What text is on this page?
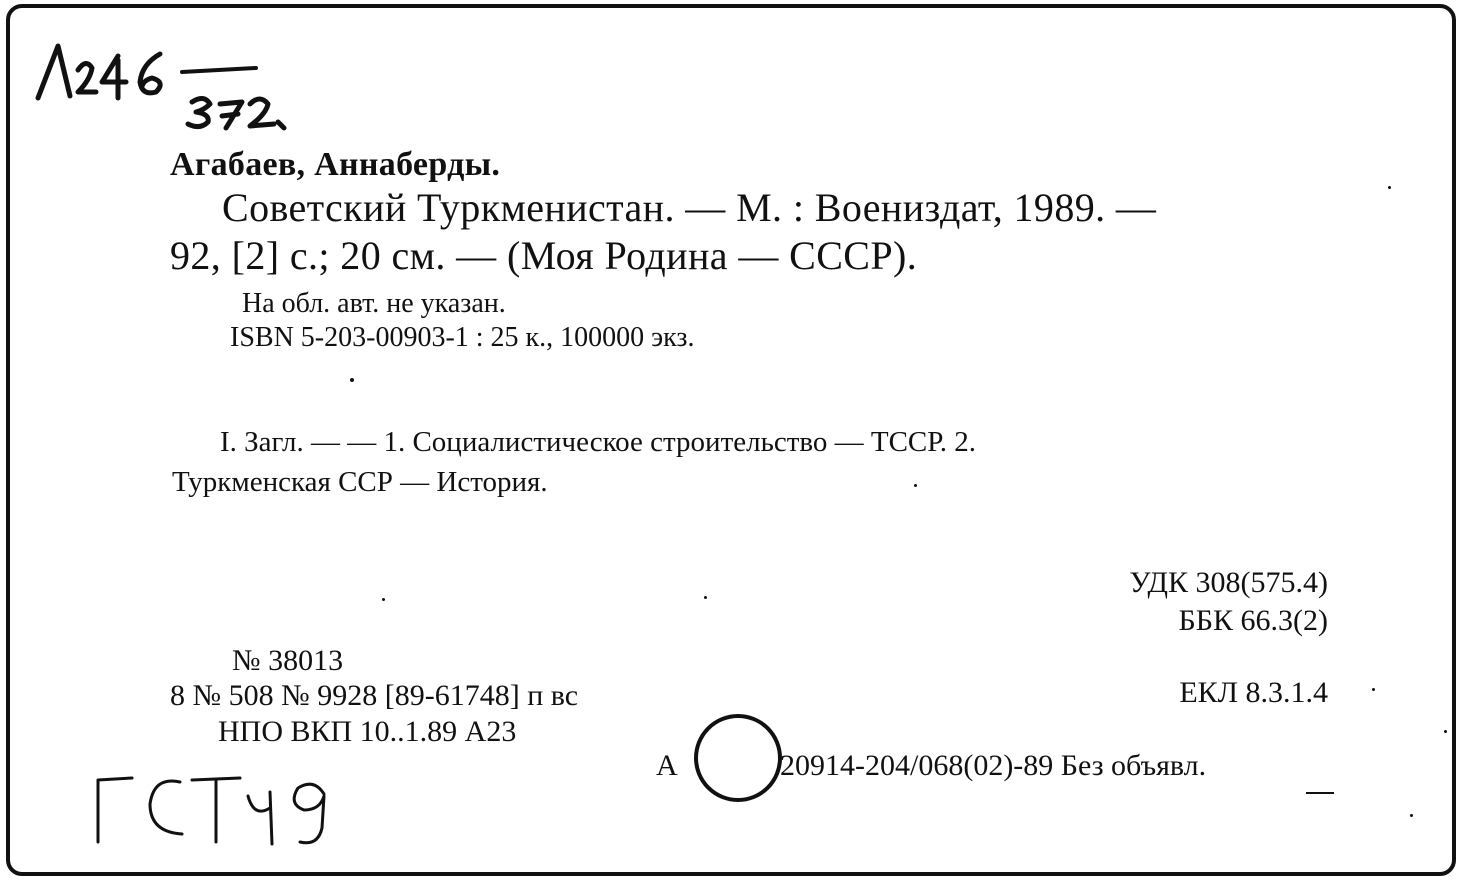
Агабаев, Аннаберды.
Советский Туркменистан. — М. : Воениздат, 1989. —
92, [2] с.; 20 см. — (Моя Родина — СССР).
На обл. авт. не указан.
ISBN 5-203-00903-1 : 25 к., 100000 экз.
I. Загл. — — 1. Социалистическое строительство — ТССР. 2.
Туркменская ССР — История.
УДК 308(575.4)
ББК 66.3(2)
№ 38013
8 № 508 № 9928 [89-61748] п вс	ЕКЛ 8.3.1.4
НПО ВКП 10..1.89 А23
А	20914-204/068(02)-89 Без объявл.
